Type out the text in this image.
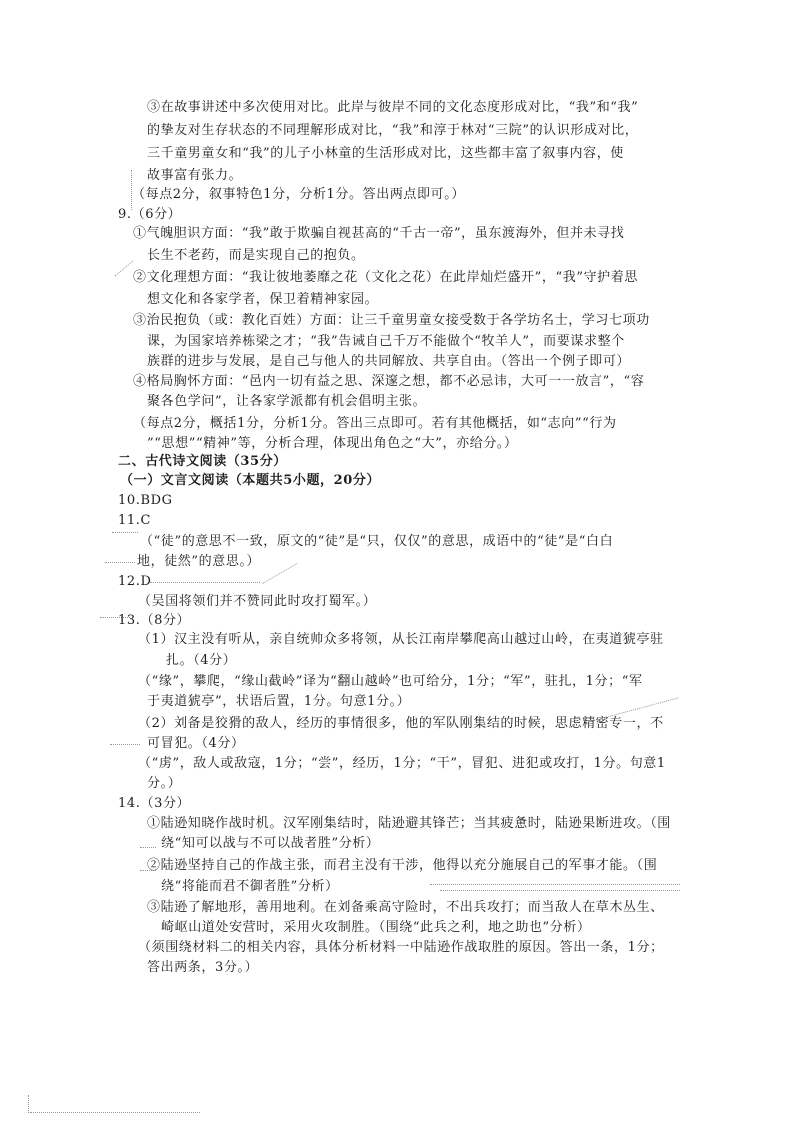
③在故事讲述中多次使用对比。此岸与彼岸不同的文化态度形成对比，“我”和“我”
的挚友对生存状态的不同理解形成对比，“我”和淳于林对“三院”的认识形成对比，
三千童男童女和“我”的儿子小林童的生活形成对比，这些都丰富了叙事内容，使
故事富有张力。
（每点2分，叙事特色1分，分析1分。答出两点即可。）
9.（6分）
①气魄胆识方面：“我”敢于欺骗自视甚高的“千古一帝”，虽东渡海外，但并未寻找
长生不老药，而是实现自己的抱负。
②文化理想方面：“我让彼地萎靡之花（文化之花）在此岸灿烂盛开”，“我”守护着思
想文化和各家学者，保卫着精神家园。
③治民抱负（或：教化百姓）方面：让三千童男童女接受数于各学坊名士，学习七项功
课，为国家培养栋梁之才；“我”告诫自己千万不能做个“牧羊人”，而要谋求整个
族群的进步与发展，是自己与他人的共同解放、共享自由。（答出一个例子即可）
④格局胸怀方面：“邑内一切有益之思、深邃之想，都不必忌讳，大可一一放言”，“容
聚各色学问”，让各家学派都有机会倡明主张。
（每点2分，概括1分，分析1分。答出三点即可。若有其他概括，如“志向”“行为
”“思想”“精神”等，分析合理，体现出角色之“大”，亦给分。）
二、古代诗文阅读（35分）
（一）文言文阅读（本题共5小题，20分）
10.BDG
11.C
（“徒”的意思不一致，原文的“徒”是“只，仅仅”的意思，成语中的“徒”是“白白
地，徒然”的意思。）
12.D
（吴国将领们并不赞同此时攻打蜀军。）
13.（8分）
（1）汉主没有听从，亲自统帅众多将领，从长江南岸攀爬高山越过山岭，在夷道猇亭驻
扎。（4分）
（“缘”，攀爬，“缘山截岭”译为“翻山越岭”也可给分，1分；“军”，驻扎，1分；“军
于夷道猇亭”，状语后置，1分。句意1分。）
（2）刘备是狡猾的敌人，经历的事情很多，他的军队刚集结的时候，思虑精密专一，不
可冒犯。（4分）
（“虏”，敌人或敌寇，1分；“尝”，经历，1分；“干”，冒犯、进犯或攻打，1分。句意1
分。）
14.（3分）
①陆逊知晓作战时机。汉军刚集结时，陆逊避其锋芒；当其疲惫时，陆逊果断进攻。（围
绕“知可以战与不可以战者胜”分析）
②陆逊坚持自己的作战主张，而君主没有干涉，他得以充分施展自己的军事才能。（围
绕“将能而君不御者胜”分析）
③陆逊了解地形，善用地利。在刘备乘高守险时，不出兵攻打；而当敌人在草木丛生、
崎岖山道处安营时，采用火攻制胜。（围绕“此兵之利，地之助也”分析）
（须围绕材料二的相关内容，具体分析材料一中陆逊作战取胜的原因。答出一条，1分；
答出两条，3分。）
